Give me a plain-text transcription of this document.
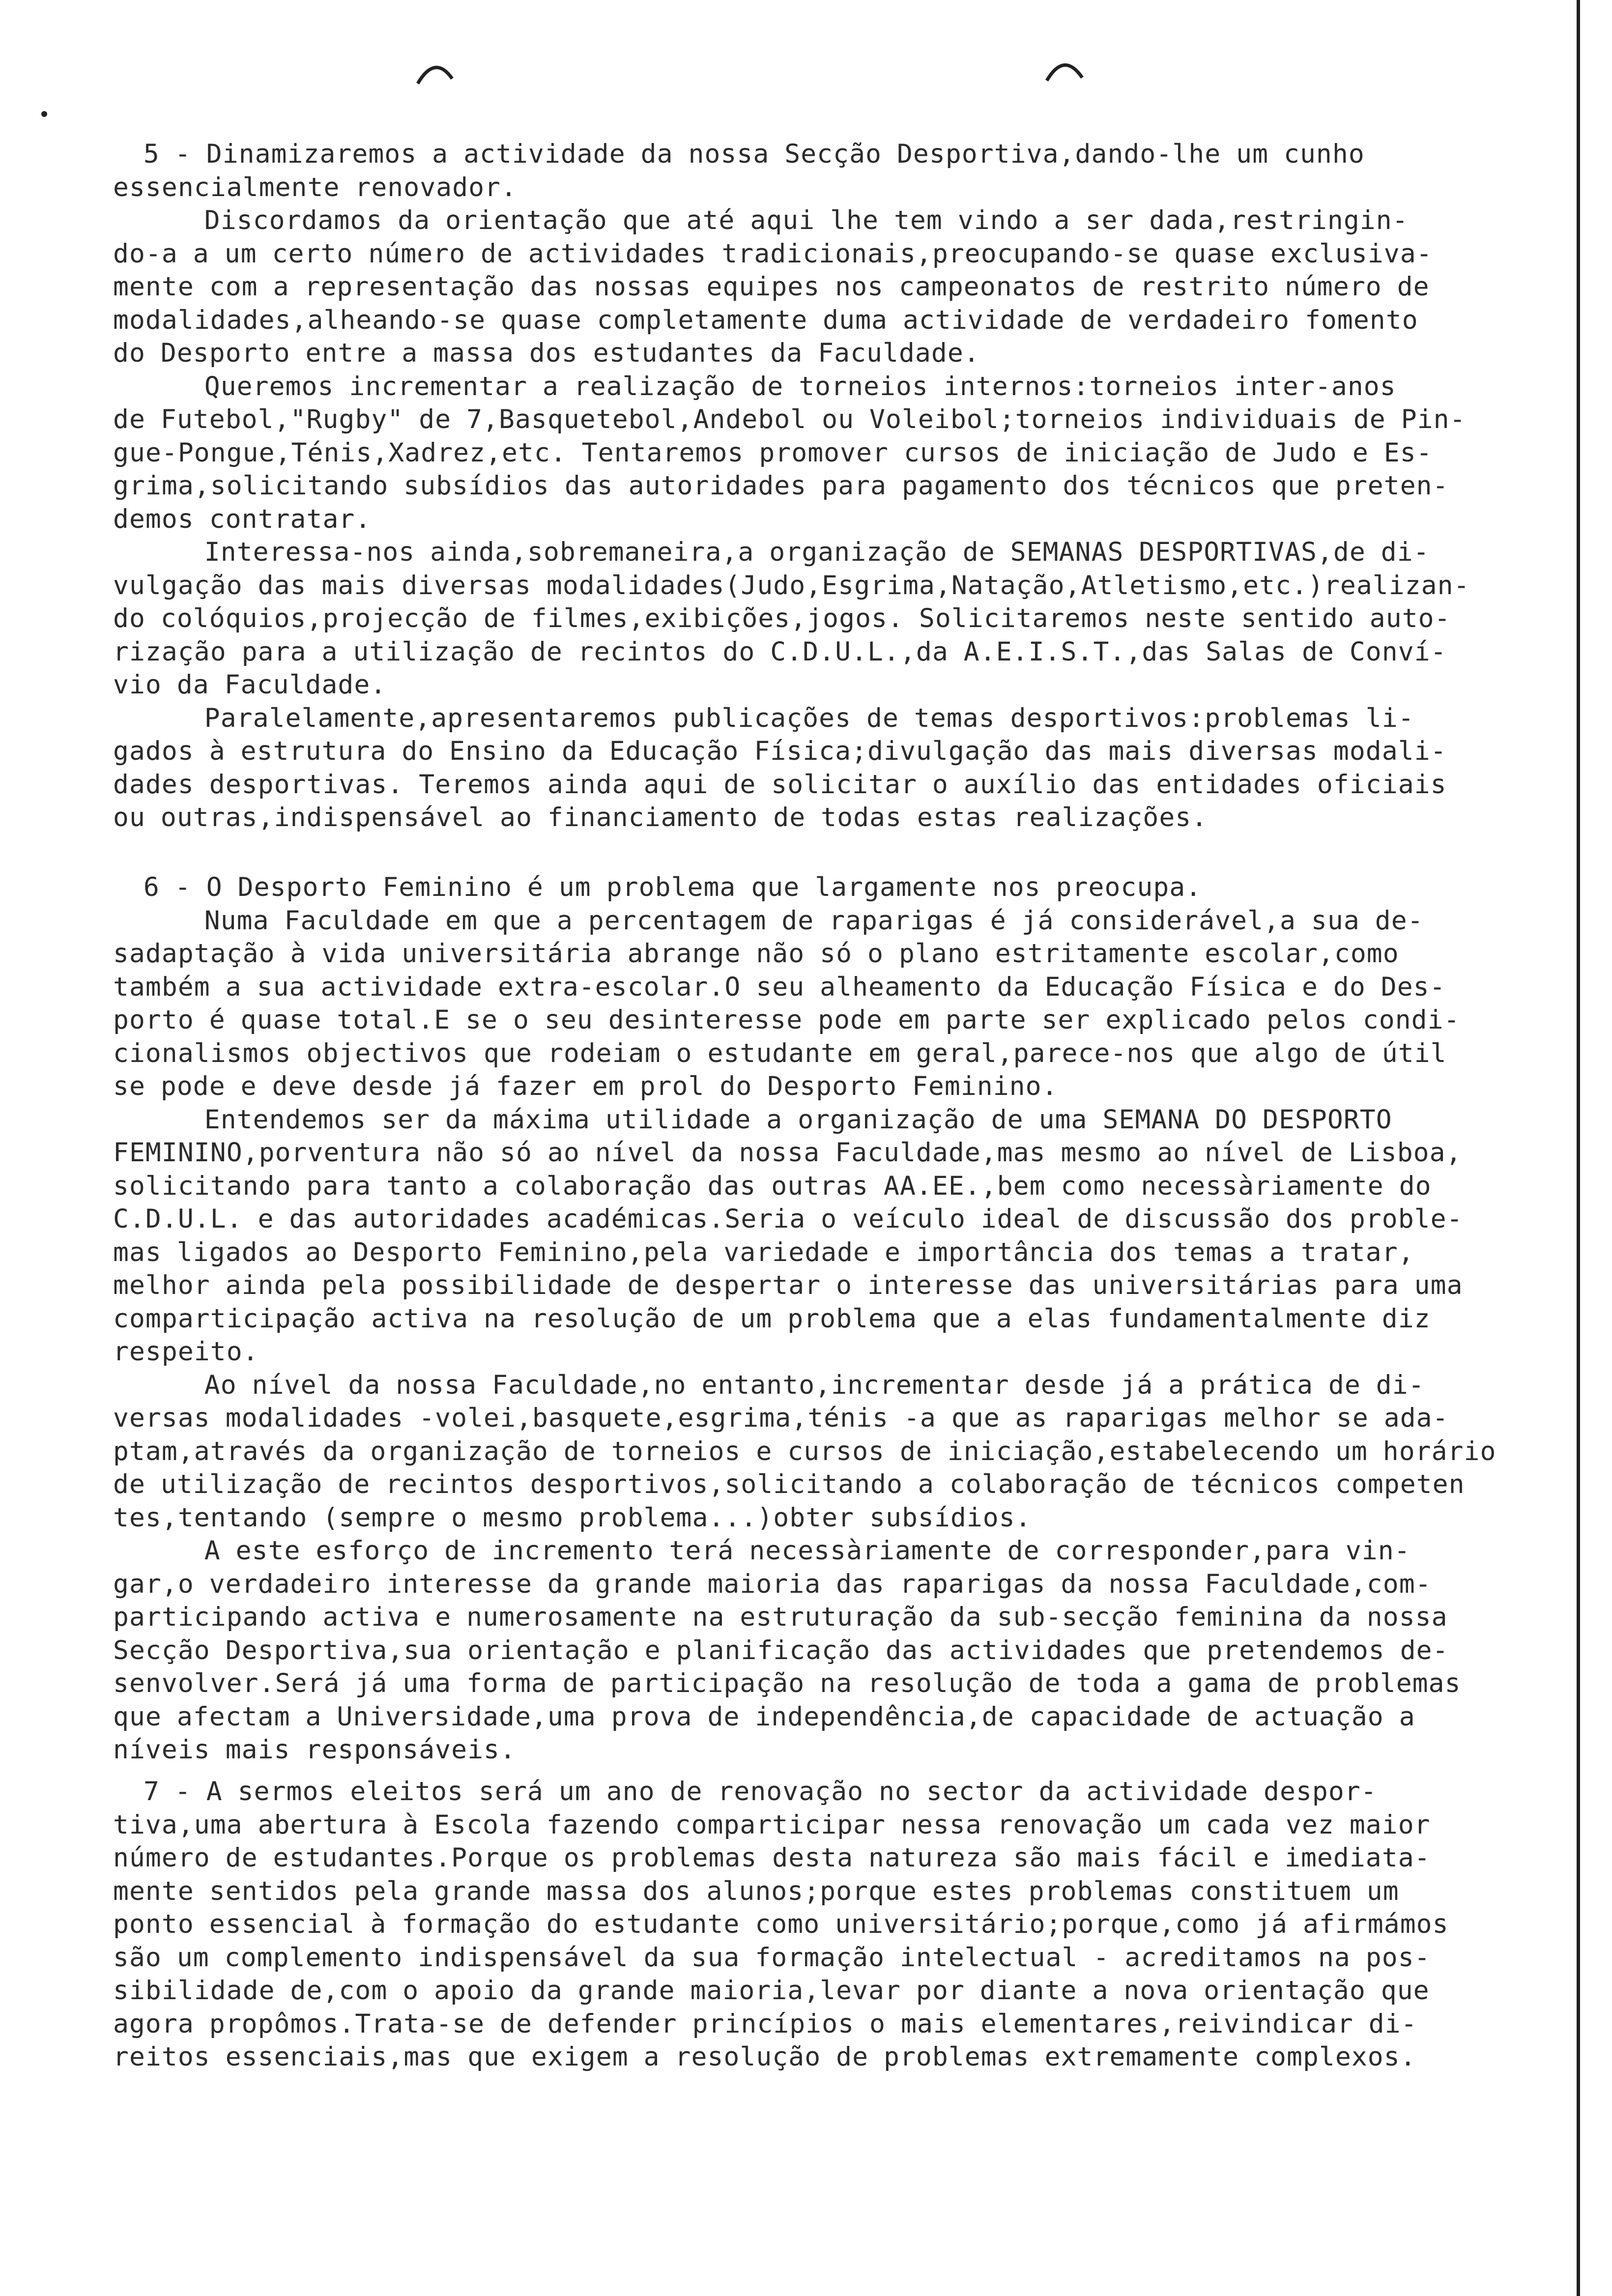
5 - Dinamizaremos a actividade da nossa Secção Desportiva,dando-lhe um cunho
essencialmente renovador.
Discordamos da orientação que até aqui lhe tem vindo a ser dada,restringin-
do-a a um certo número de actividades tradicionais,preocupando-se quase exclusiva-
mente com a representação das nossas equipes nos campeonatos de restrito número de
modalidades,alheando-se quase completamente duma actividade de verdadeiro fomento
do Desporto entre a massa dos estudantes da Faculdade.
Queremos incrementar a realização de torneios internos:torneios inter-anos
de Futebol,"Rugby" de 7,Basquetebol,Andebol ou Voleibol;torneios individuais de Pin-
gue-Pongue,Ténis,Xadrez,etc. Tentaremos promover cursos de iniciação de Judo e Es-
grima,solicitando subsídios das autoridades para pagamento dos técnicos que preten-
demos contratar.
Interessa-nos ainda,sobremaneira,a organização de SEMANAS DESPORTIVAS,de di-
vulgação das mais diversas modalidades(Judo,Esgrima,Natação,Atletismo,etc.)realizan-
do colóquios,projecção de filmes,exibições,jogos. Solicitaremos neste sentido auto-
rização para a utilização de recintos do C.D.U.L.,da A.E.I.S.T.,das Salas de Conví-
vio da Faculdade.
Paralelamente,apresentaremos publicações de temas desportivos:problemas li-
gados à estrutura do Ensino da Educação Física;divulgação das mais diversas modali-
dades desportivas. Teremos ainda aqui de solicitar o auxílio das entidades oficiais
ou outras,indispensável ao financiamento de todas estas realizações.
6 - O Desporto Feminino é um problema que largamente nos preocupa.
Numa Faculdade em que a percentagem de raparigas é já considerável,a sua de-
sadaptação à vida universitária abrange não só o plano estritamente escolar,como
também a sua actividade extra-escolar.O seu alheamento da Educação Física e do Des-
porto é quase total.E se o seu desinteresse pode em parte ser explicado pelos condi-
cionalismos objectivos que rodeiam o estudante em geral,parece-nos que algo de útil
se pode e deve desde já fazer em prol do Desporto Feminino.
Entendemos ser da máxima utilidade a organização de uma SEMANA DO DESPORTO
FEMININO,porventura não só ao nível da nossa Faculdade,mas mesmo ao nível de Lisboa,
solicitando para tanto a colaboração das outras AA.EE.,bem como necessàriamente do
C.D.U.L. e das autoridades académicas.Seria o veículo ideal de discussão dos proble-
mas ligados ao Desporto Feminino,pela variedade e importância dos temas a tratar,
melhor ainda pela possibilidade de despertar o interesse das universitárias para uma
comparticipação activa na resolução de um problema que a elas fundamentalmente diz
respeito.
Ao nível da nossa Faculdade,no entanto,incrementar desde já a prática de di-
versas modalidades -volei,basquete,esgrima,ténis -a que as raparigas melhor se ada-
ptam,através da organização de torneios e cursos de iniciação,estabelecendo um horário
de utilização de recintos desportivos,solicitando a colaboração de técnicos competen
tes,tentando (sempre o mesmo problema...)obter subsídios.
A este esforço de incremento terá necessàriamente de corresponder,para vin-
gar,o verdadeiro interesse da grande maioria das raparigas da nossa Faculdade,com-
participando activa e numerosamente na estruturação da sub-secção feminina da nossa
Secção Desportiva,sua orientação e planificação das actividades que pretendemos de-
senvolver.Será já uma forma de participação na resolução de toda a gama de problemas
que afectam a Universidade,uma prova de independência,de capacidade de actuação a
níveis mais responsáveis.
7 - A sermos eleitos será um ano de renovação no sector da actividade despor-
tiva,uma abertura à Escola fazendo comparticipar nessa renovação um cada vez maior
número de estudantes.Porque os problemas desta natureza são mais fácil e imediata-
mente sentidos pela grande massa dos alunos;porque estes problemas constituem um
ponto essencial à formação do estudante como universitário;porque,como já afirmámos
são um complemento indispensável da sua formação intelectual - acreditamos na pos-
sibilidade de,com o apoio da grande maioria,levar por diante a nova orientação que
agora propômos.Trata-se de defender princípios o mais elementares,reivindicar di-
reitos essenciais,mas que exigem a resolução de problemas extremamente complexos.
